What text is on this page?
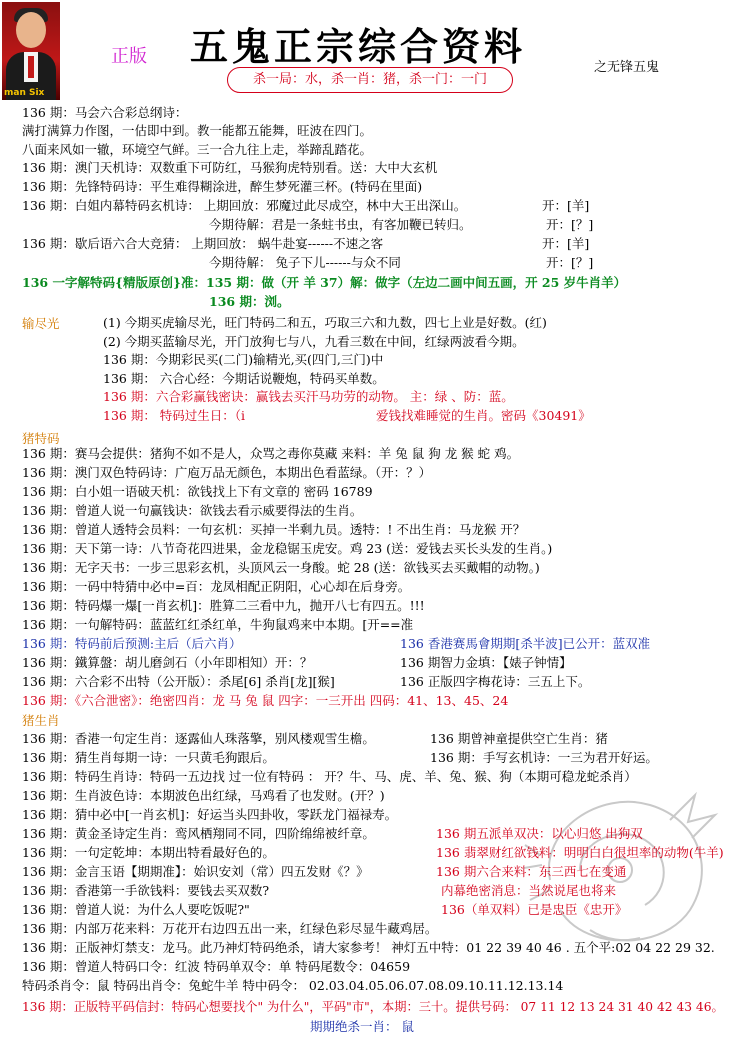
man Six
正版 五鬼正宗综合资料	之无锋五鬼
杀一局：水，杀一肖：猪，杀一门：一门
输尽光
猪特码
猪生肖
136 期：马会六合彩总纲诗：
满打满算力作图，一估即中到。教一能都五能舞，旺波在四门。
八面来风如一辙，环境空气鲜。三一合九往上走，举蹄乱踏花。
136 期：澳门天机诗：双数重下可防红，马猴狗虎特别看。送：大中大玄机
136 期：先锋特码诗：平生难得糊涂进，醉生梦死灌三杯。(特码在里面)
136 期：白姐内幕特码玄机诗： 上期回放：邪魔过此尽成空，林中大王出深山。	开：[羊]
今期待解：君是一条蛀书虫，有客加鞭已转归。	开：[？]
136 期：歇后语六合大竞猜： 上期回放： 蜗牛赴宴------不速之客	开：[羊]
今期待解： 兔子下儿------与众不同	开：[？]
136 一字解特码{精版原创}准：135 期：做（开 羊 37）解：做字（左边二画中间五画，开 25 岁牛肖羊）
136 期：浏。
(1) 今期买虎输尽光，旺门特码二和五，巧取三六和九数，四七上业是好数。(红)
(2) 今期买蓝输尽光，开门放狗七与八，九看三数在中间，红绿两波看今期。
136 期：今期彩民买(二门)输精光,买(四门,三门)中
136 期： 六合心经：今期话说鞭炮，特码买单数。
136 期：六合彩赢钱密诀：赢钱去买汗马功劳的动物。 主：绿 、防：蓝。
136 期： 特码过生日：（i	爱钱找难睡觉的生肖。密码《30491》
136 期：赛马会提供：猪狗不如不是人，众骂之毒你莫藏 来料：羊 兔 鼠 狗 龙 猴 蛇 鸡。
136 期：澳门双色特码诗：广庖万品无颜色，本期出色看蓝绿。（开：？）
136 期：白小姐一语破天机：欲钱找上下有文章的 密码 16789
136 期：曾道人说一句赢钱诀：欲钱去看示威要得法的生肖。
136 期：曾道人透特会员料：一句玄机：买掉一半剩九员。透特：! 不出生肖：马龙猴 开？
136 期：天下第一诗：八节奇花四进果，金龙稳锯玉虎安。鸡 23 (送：爱钱去买长头发的生肖。)
136 期：无字天书：一步三思彩玄机，头顶风云一身酸。蛇 28 (送：欲钱买去买戴帽的动物。)
136 期：一码中特猜中必中=百：龙凤相配正阴阳，心心却在后身旁。
136 期：特码爆一爆[一肖玄机]：胜算二三看中九，抛开八七有四五。!!!
136 期：一句解特码：蓝蓝红红杀红单，牛狗鼠鸡来中本期。[开==准
136 期：特码前后预测:主后（后六肖）	136 香港赛馬會期期[杀半波]已公开：蓝双准
136 期：鐵算盤：胡儿磨剑石（小年即相知）开：？	136 期智力金填：【婊子钟情】
136 期：六合彩不出特（公开版）：杀尾[6] 杀肖[龙][猴]	136 正版四字梅花诗：三五上下。
136 期：《六合泄密》：绝密四肖：龙 马 兔 鼠 四字：一三开出 四码：41、13、45、24
136 期：香港一句定生肖：逐露仙人珠落擎，别风楼观雪生檐。	136 期曾神童提供空亡生肖：猪
136 期：猜生肖每期一诗：一只黄毛狗跟后。	136 期：手写玄机诗：一三为君开好运。
136 期：特码生肖诗：特码一五边找 过一位有特码 ： 开？牛、马、虎、羊、兔、猴、狗（本期可稳龙蛇杀肖）
136 期：生肖波色诗：本期波色出红绿，马鸡看了也发财。(开？)
136 期：猜中必中[一肖玄机]：好运当头四卦收，零跃龙门福禄寿。
136 期：黄金圣诗定生肖：鸾风栖翔同不同，四阶绵绵被纤章。	136 期五派单双决：以心归悠 出狗双
136 期：一句定乾坤：本期出特看最好色的。	136 翡翠财红欲钱料：明明白白很坦率的动物(牛羊)
136 期：金言玉语【期期准】：始识安刘（常）四五发财《？》	136 期六合来料：东三西七在变通
136 期：香港第一手欲钱料：要钱去买双数?	内幕绝密消息：当然说尾也将来
136 期：曾道人说：为什么人要吃饭呢?"	136（单双料）已是忠臣《忠开》
136 期：内部万花来料：万花开右边四五出一来，红绿色彩尽显牛藏鸡居。
136 期：正版神灯禁支：龙马。此乃神灯特码绝杀，请大家参考！ 神灯五中特：01 22 39 40 46 . 五个平:02 04 22 29 32.
136 期：曾道人特码口令：红波 特码单双令：单 特码尾数令：04659
特码杀肖令：鼠 特码出肖令：兔蛇牛羊 特中码令： 02.03.04.05.06.07.08.09.10.11.12.13.14
136 期：正版特平码信封：特码心想要找个" 为什么"，平码"市"，本期：三十。提供号码： 07 11 12 13 24 31 40 42 43 46。
期期绝杀一肖： 鼠
